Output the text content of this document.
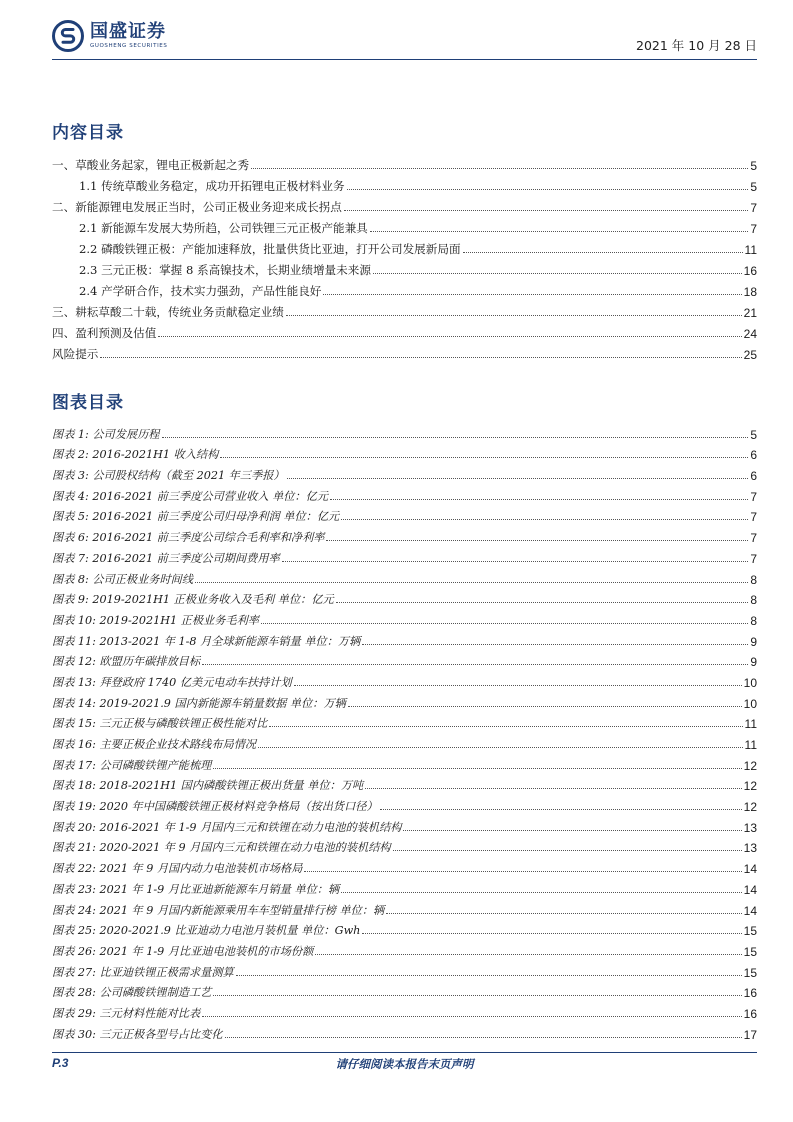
国盛证券
GUOSHENG SECURITIES	2021 年 10 月 28 日
内容目录
一、草酸业务起家，锂电正极新起之秀	5
1.1 传统草酸业务稳定，成功开拓锂电正极材料业务	5
二、新能源锂电发展正当时，公司正极业务迎来成长拐点	7
2.1 新能源车发展大势所趋，公司铁锂三元正极产能兼具	7
2.2 磷酸铁锂正极：产能加速释放，批量供货比亚迪，打开公司发展新局面	11
2.3 三元正极：掌握 8 系高镍技术，长期业绩增量未来源	16
2.4 产学研合作，技术实力强劲，产品性能良好	18
三、耕耘草酸二十载，传统业务贡献稳定业绩	21
四、盈利预测及估值	24
风险提示	25
图表目录
图表 1: 公司发展历程	5
图表 2: 2016-2021H1 收入结构	6
图表 3: 公司股权结构（截至 2021 年三季报）	6
图表 4: 2016-2021 前三季度公司营业收入 单位：亿元	7
图表 5: 2016-2021 前三季度公司归母净利润 单位：亿元	7
图表 6: 2016-2021 前三季度公司综合毛利率和净利率	7
图表 7: 2016-2021 前三季度公司期间费用率	7
图表 8: 公司正极业务时间线	8
图表 9: 2019-2021H1 正极业务收入及毛利 单位：亿元	8
图表 10: 2019-2021H1 正极业务毛利率	8
图表 11: 2013-2021 年 1-8 月全球新能源车销量 单位：万辆	9
图表 12: 欧盟历年碳排放目标	9
图表 13: 拜登政府 1740 亿美元电动车扶持计划	10
图表 14: 2019-2021.9 国内新能源车销量数据 单位：万辆	10
图表 15: 三元正极与磷酸铁锂正极性能对比	11
图表 16: 主要正极企业技术路线布局情况	11
图表 17: 公司磷酸铁锂产能梳理	12
图表 18: 2018-2021H1 国内磷酸铁锂正极出货量 单位：万吨	12
图表 19: 2020 年中国磷酸铁锂正极材料竞争格局（按出货口径）	12
图表 20: 2016-2021 年 1-9 月国内三元和铁锂在动力电池的装机结构	13
图表 21: 2020-2021 年 9 月国内三元和铁锂在动力电池的装机结构	13
图表 22: 2021 年 9 月国内动力电池装机市场格局	14
图表 23: 2021 年 1-9 月比亚迪新能源车月销量 单位：辆	14
图表 24: 2021 年 9 月国内新能源乘用车车型销量排行榜 单位：辆	14
图表 25: 2020-2021.9 比亚迪动力电池月装机量 单位：Gwh	15
图表 26: 2021 年 1-9 月比亚迪电池装机的市场份额	15
图表 27: 比亚迪铁锂正极需求量测算	15
图表 28: 公司磷酸铁锂制造工艺	16
图表 29: 三元材料性能对比表	16
图表 30: 三元正极各型号占比变化	17
P.3	请仔细阅读本报告末页声明
